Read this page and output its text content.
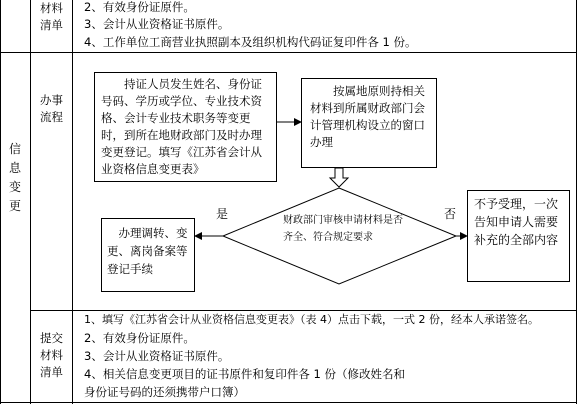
材料清单
2、有效身份证原件。
3、会计从业资格证书原件。
4、工作单位工商营业执照副本及组织机构代码证复印件各 1 份。
信息变更
办事流程
持证人员发生姓名、身份证号码、学历或学位、专业技术资格、会计专业技术职务等变更时，到所在地财政部门及时办理变更登记。填写《江苏省会计从业资格信息变更表》
按属地原则持相关材料到所属财政部门会计管理机构设立的窗口办理
财政部门审核申请材料是否齐全、符合规定要求
是	否
办理调转、变更、离岗备案等登记手续
不予受理，一次告知申请人需要补充的全部内容
提交材料清单
1、填写《江苏省会计从业资格信息变更表》（表 4）点击下载，一式 2 份，经本人承诺签名。
2、有效身份证原件。
3、会计从业资格证书原件。
4、相关信息变更项目的证书原件和复印件各 1 份（修改姓名和
身份证号码的还须携带户口簿）
